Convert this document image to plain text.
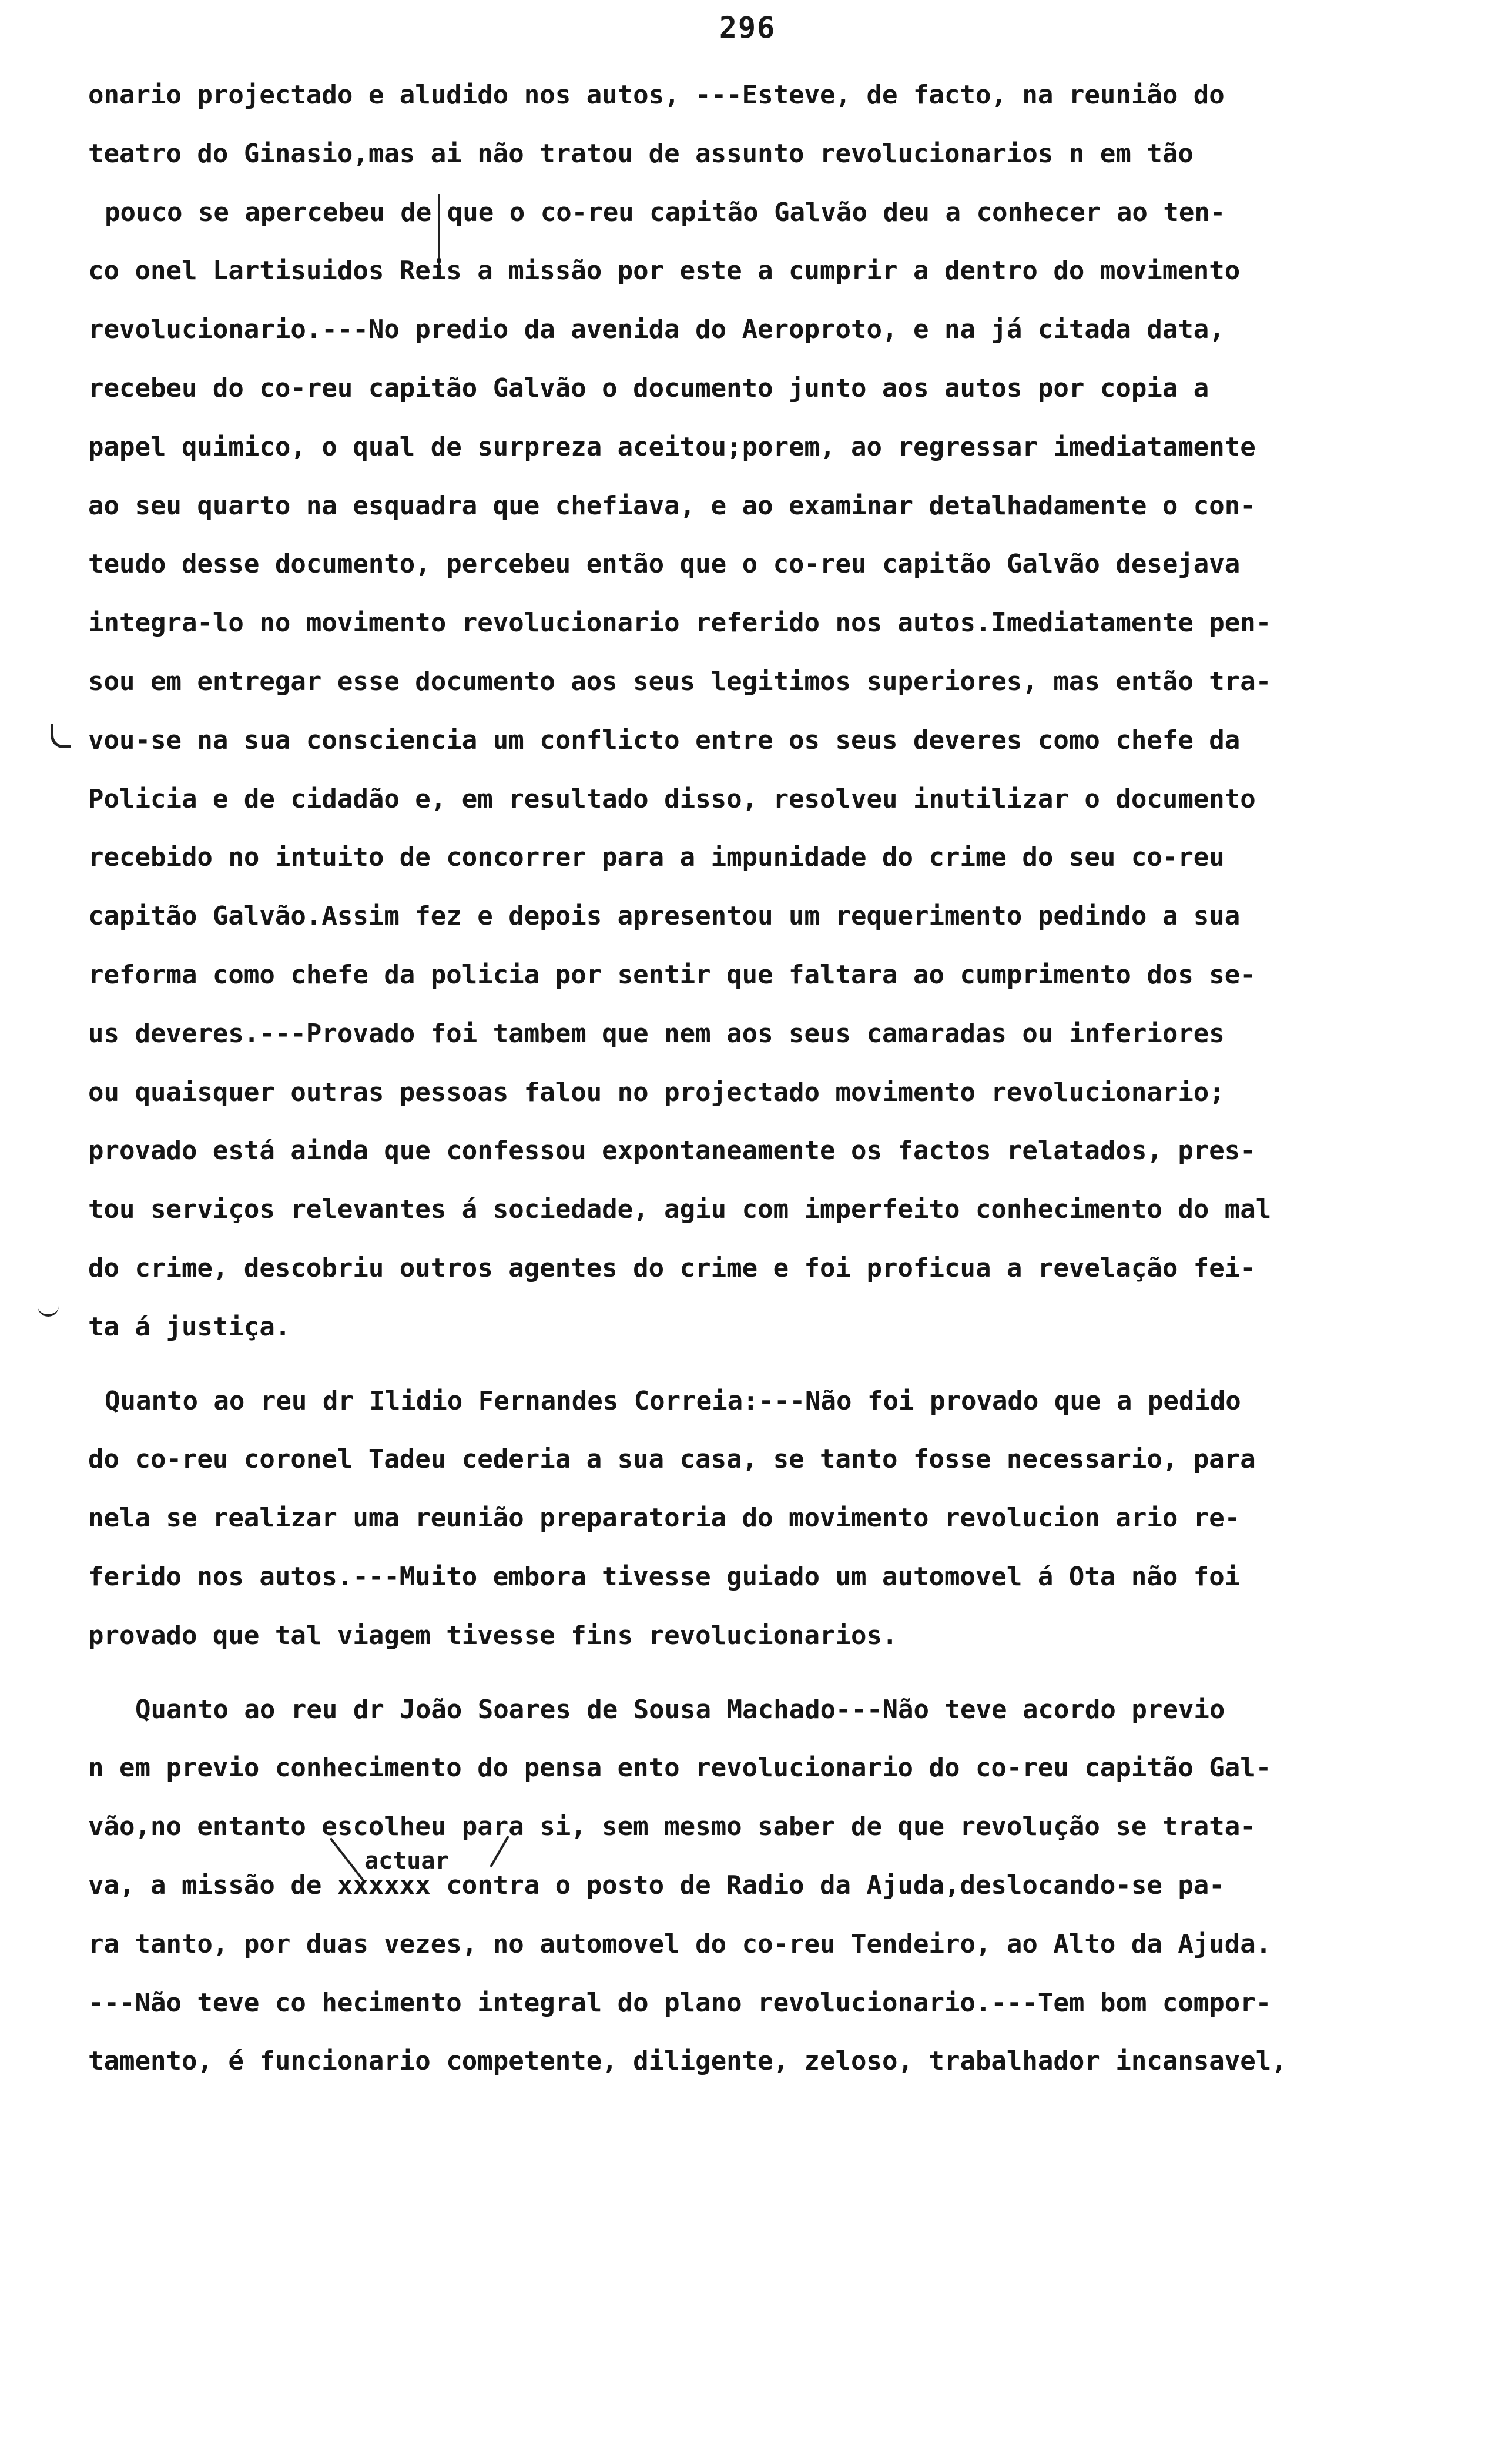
296
onario projectado e aludido nos autos, ---Esteve, de facto, na reunião do
teatro do Ginasio,mas ai não tratou de assunto revolucionarios n em tão
pouco se apercebeu de que o co-reu capitão Galvão deu a conhecer ao ten-
co onel Lartisuidos Reis a missão por este a cumprir a dentro do movimento
revolucionario.---No predio da avenida do Aeroproto, e na já citada data,
recebeu do co-reu capitão Galvão o documento junto aos autos por copia a
papel quimico, o qual de surpreza aceitou;porem, ao regressar imediatamente
ao seu quarto na esquadra que chefiava, e ao examinar detalhadamente o con-
teudo desse documento, percebeu então que o co-reu capitão Galvão desejava
integra-lo no movimento revolucionario referido nos autos.Imediatamente pen-
sou em entregar esse documento aos seus legitimos superiores, mas então tra-
vou-se na sua consciencia um conflicto entre os seus deveres como chefe da
Policia e de cidadão e, em resultado disso, resolveu inutilizar o documento
recebido no intuito de concorrer para a impunidade do crime do seu co-reu
capitão Galvão.Assim fez e depois apresentou um requerimento pedindo a sua
reforma como chefe da policia por sentir que faltara ao cumprimento dos se-
us deveres.---Provado foi tambem que nem aos seus camaradas ou inferiores
ou quaisquer outras pessoas falou no projectado movimento revolucionario;
provado está ainda que confessou expontaneamente os factos relatados, pres-
tou serviços relevantes á sociedade, agiu com imperfeito conhecimento do mal
do crime, descobriu outros agentes do crime e foi proficua a revelação fei-
ta á justiça.
Quanto ao reu dr Ilidio Fernandes Correia:---Não foi provado que a pedido
do co-reu coronel Tadeu cederia a sua casa, se tanto fosse necessario, para
nela se realizar uma reunião preparatoria do movimento revolucion ario re-
ferido nos autos.---Muito embora tivesse guiado um automovel á Ota não foi
provado que tal viagem tivesse fins revolucionarios.
Quanto ao reu dr João Soares de Sousa Machado---Não teve acordo previo
n em previo conhecimento do pensa ento revolucionario do co-reu capitão Gal-
vão,no entanto escolheu para si, sem mesmo saber de que revolução se trata-
va, a missão de xxxxxx contra o posto de Radio da Ajuda,deslocando-se pa-
ra tanto, por duas vezes, no automovel do co-reu Tendeiro, ao Alto da Ajuda.
---Não teve co hecimento integral do plano revolucionario.---Tem bom compor-
tamento, é funcionario competente, diligente, zeloso, trabalhador incansavel,
actuar
